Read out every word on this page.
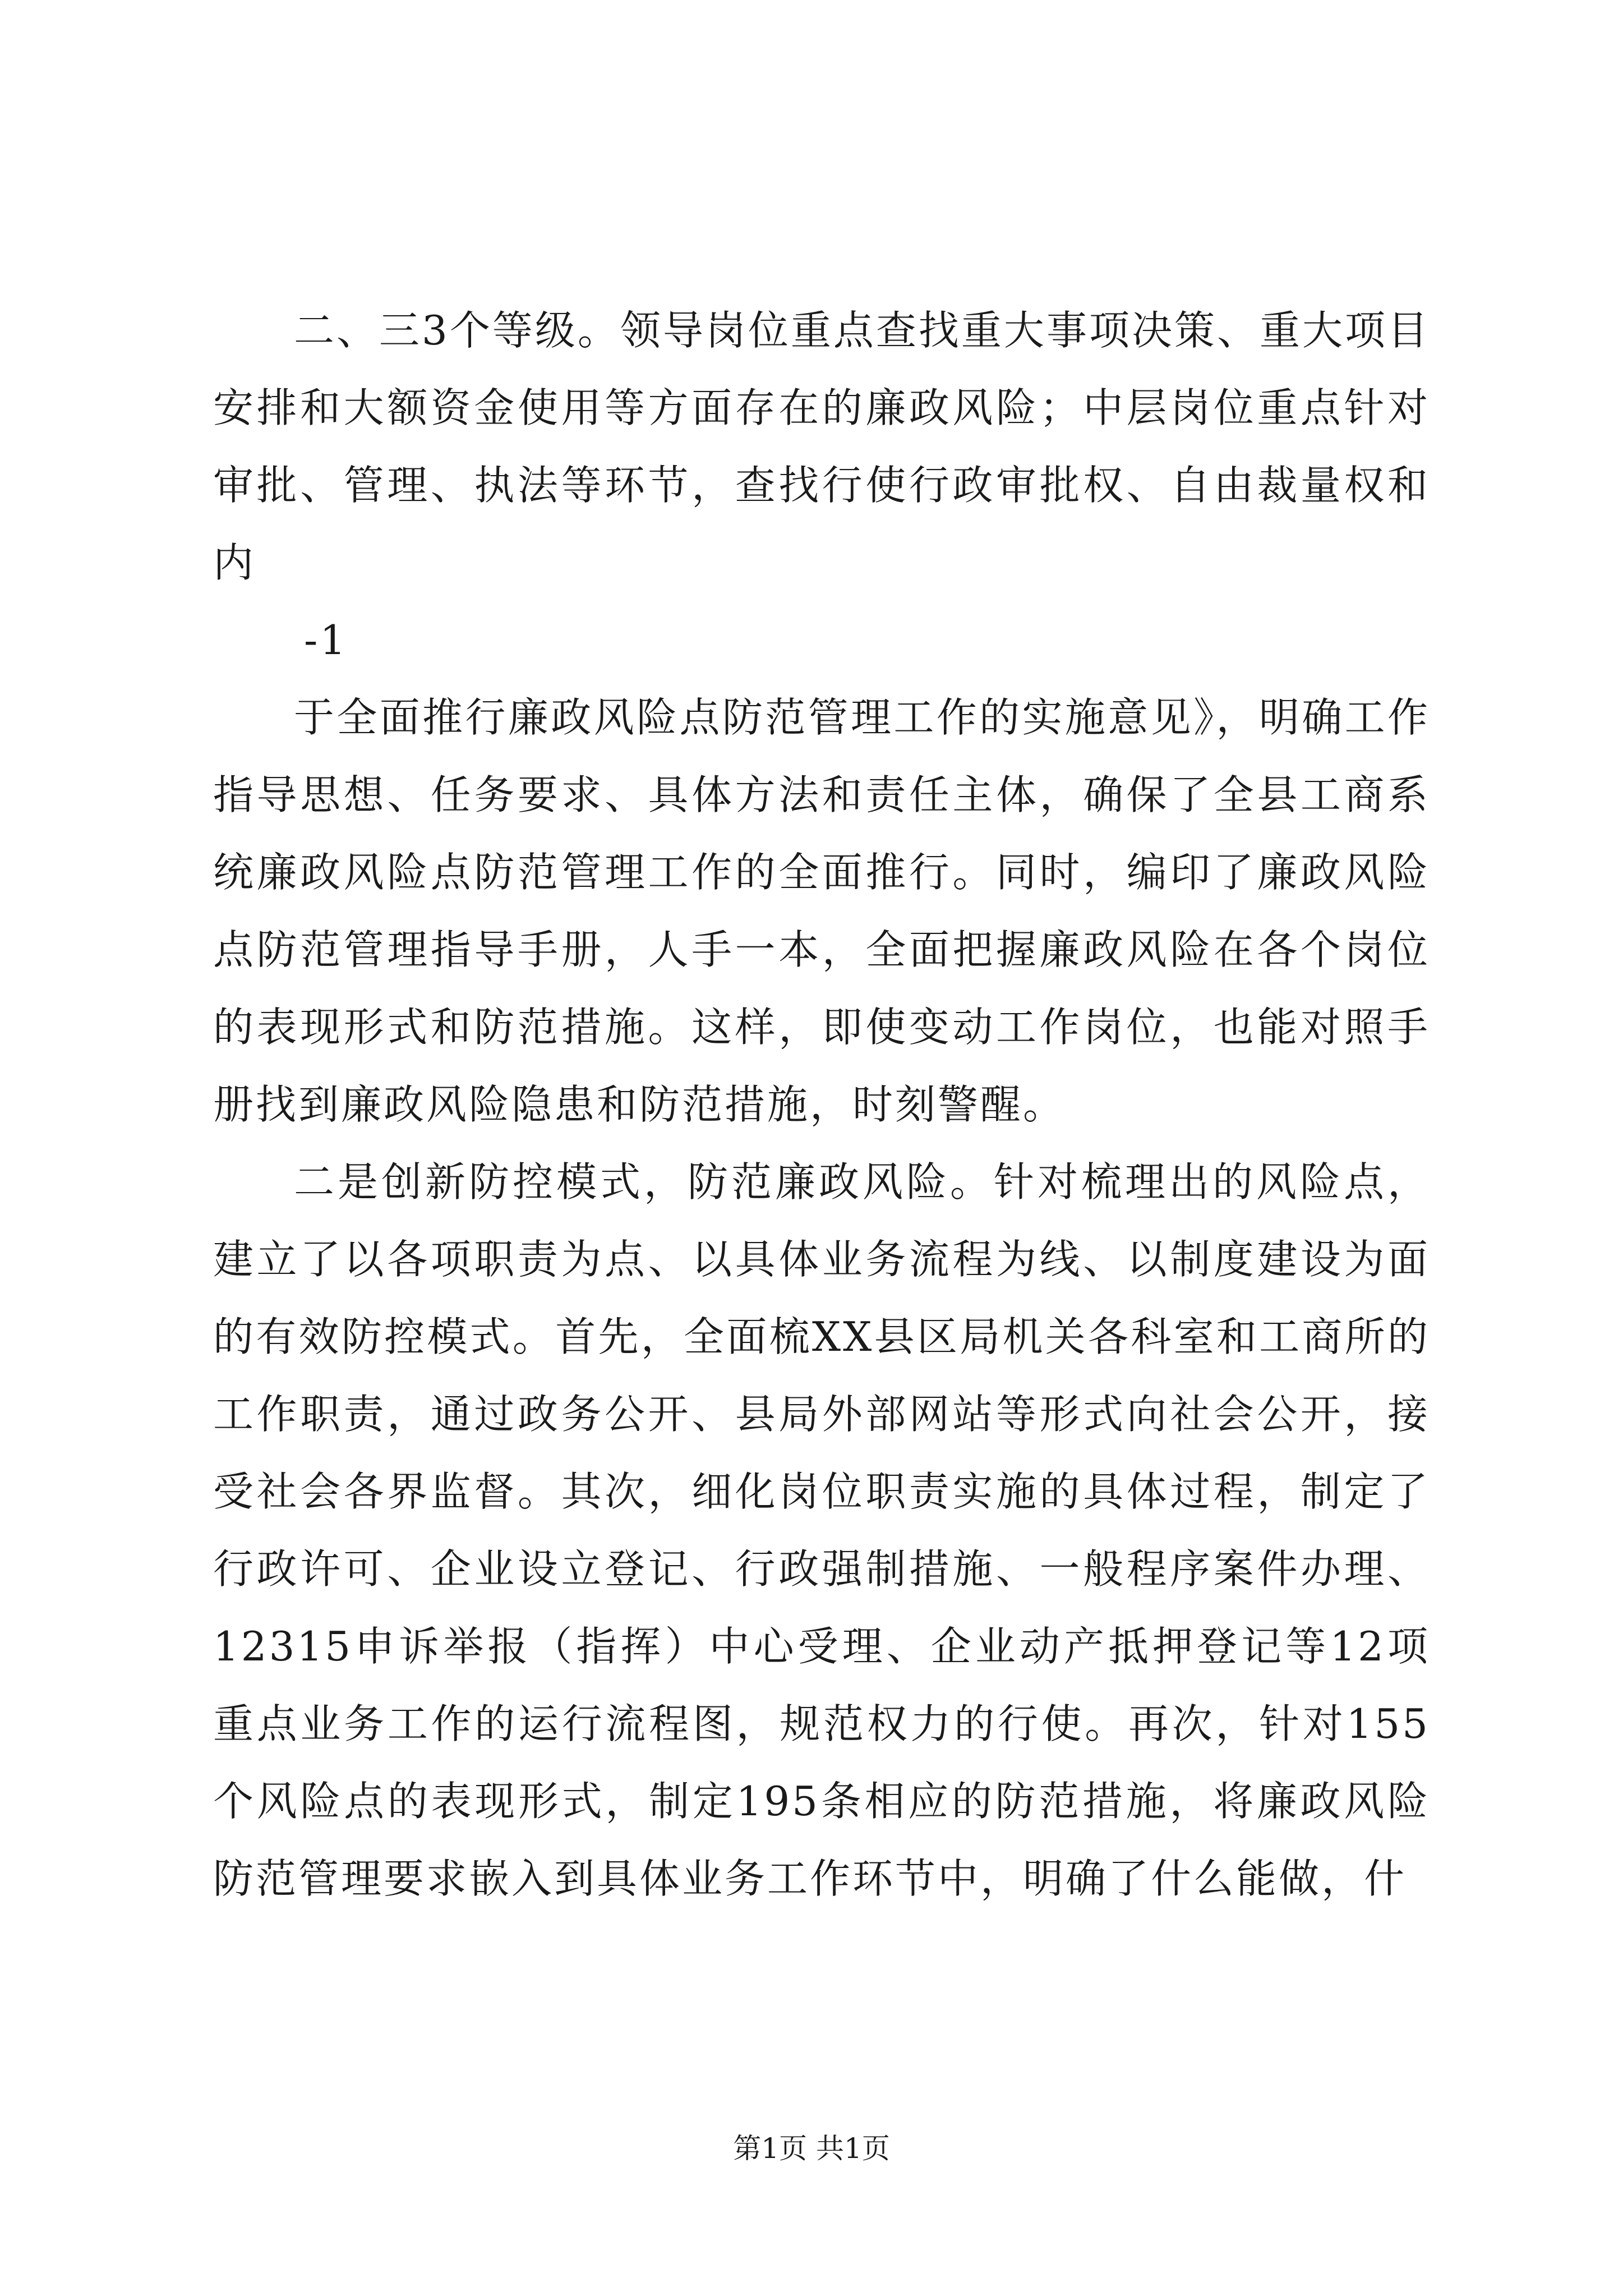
二、三3个等级。领导岗位重点查找重大事项决策、重大项目安排和大额资金使用等方面存在的廉政风险；中层岗位重点针对审批、管理、执法等环节，查找行使行政审批权、自由裁量权和内

-1

于全面推行廉政风险点防范管理工作的实施意见》，明确工作指导思想、任务要求、具体方法和责任主体，确保了全县工商系统廉政风险点防范管理工作的全面推行。同时，编印了廉政风险点防范管理指导手册，人手一本，全面把握廉政风险在各个岗位的表现形式和防范措施。这样，即使变动工作岗位，也能对照手册找到廉政风险隐患和防范措施，时刻警醒。

二是创新防控模式，防范廉政风险。针对梳理出的风险点，建立了以各项职责为点、以具体业务流程为线、以制度建设为面的有效防控模式。首先，全面梳XX县区局机关各科室和工商所的工作职责，通过政务公开、县局外部网站等形式向社会公开，接受社会各界监督。其次，细化岗位职责实施的具体过程，制定了行政许可、企业设立登记、行政强制措施、一般程序案件办理、12315申诉举报（指挥）中心受理、企业动产抵押登记等12项重点业务工作的运行流程图，规范权力的行使。再次，针对155个风险点的表现形式，制定195条相应的防范措施，将廉政风险防范管理要求嵌入到具体业务工作环节中，明确了什么能做，什

第1页 共1页
